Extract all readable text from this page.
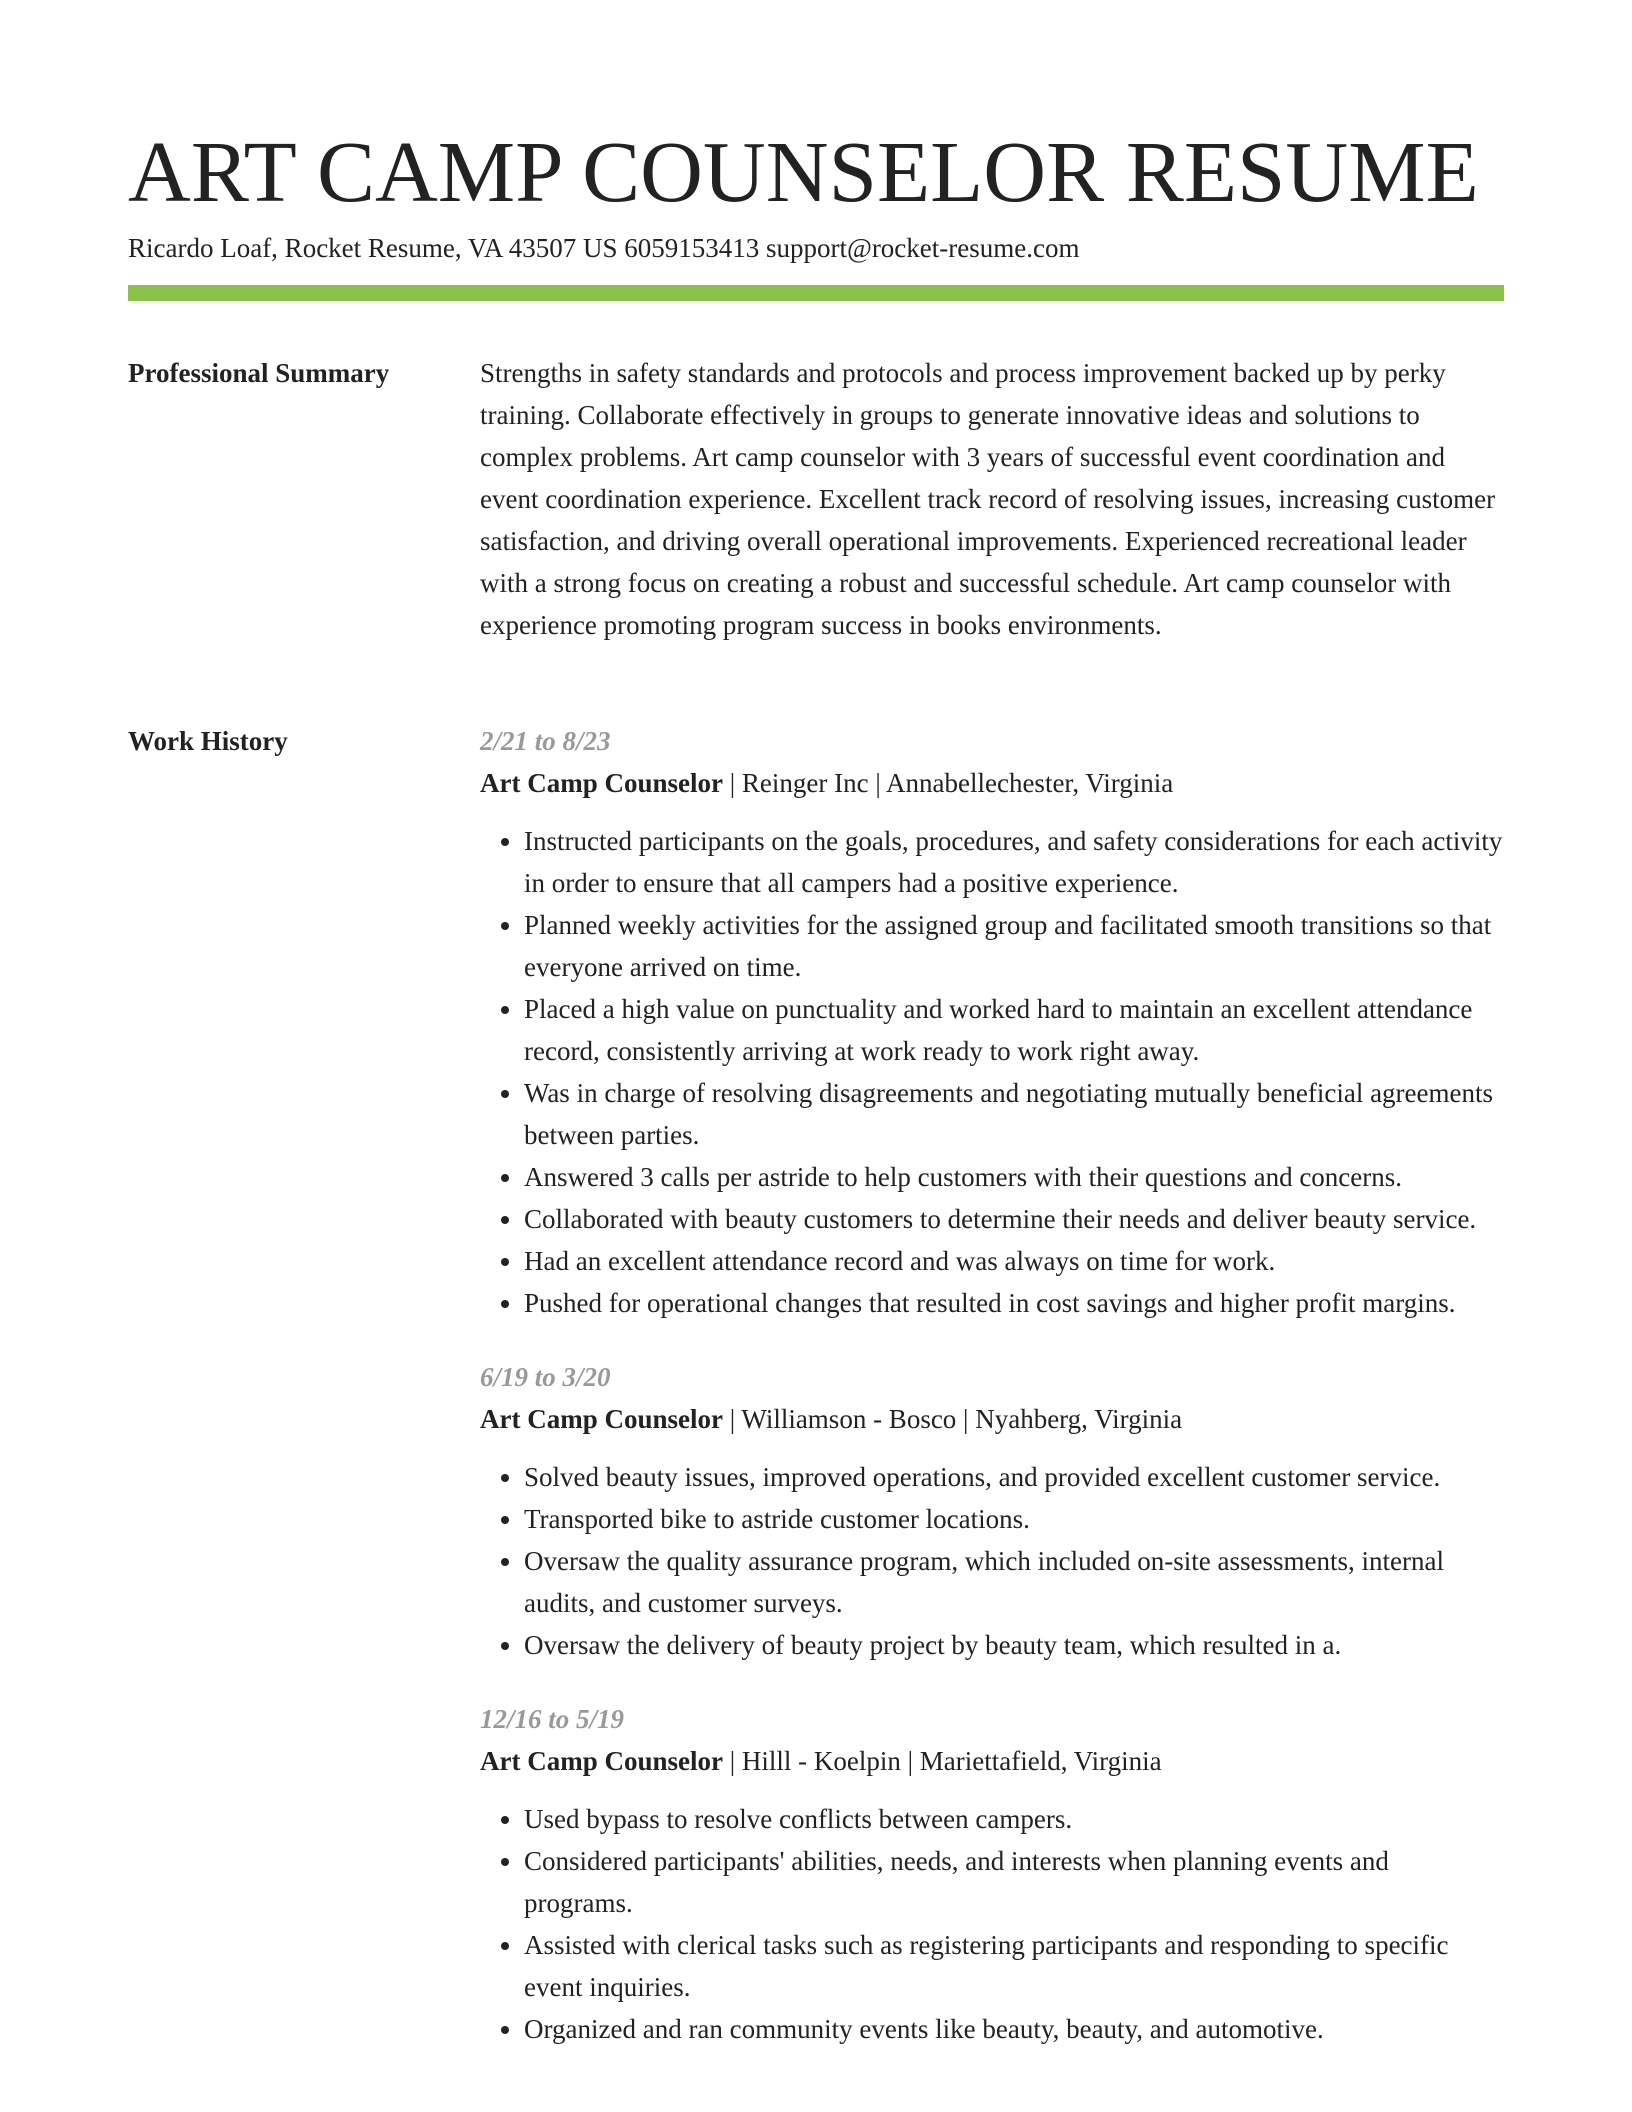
ART CAMP COUNSELOR RESUME
Ricardo Loaf, Rocket Resume, VA 43507 US 6059153413 support@rocket-resume.com
Professional Summary	Strengths in safety standards and protocols and process improvement backed up by perky training. Collaborate effectively in groups to generate innovative ideas and solutions to complex problems. Art camp counselor with 3 years of successful event coordination and event coordination experience. Excellent track record of resolving issues, increasing customer satisfaction, and driving overall operational improvements. Experienced recreational leader with a strong focus on creating a robust and successful schedule. Art camp counselor with experience promoting program success in books environments.

Work History	2/21 to 8/23
Art Camp Counselor | Reinger Inc | Annabellechester, Virginia
• Instructed participants on the goals, procedures, and safety considerations for each activity in order to ensure that all campers had a positive experience.
• Planned weekly activities for the assigned group and facilitated smooth transitions so that everyone arrived on time.
• Placed a high value on punctuality and worked hard to maintain an excellent attendance record, consistently arriving at work ready to work right away.
• Was in charge of resolving disagreements and negotiating mutually beneficial agreements between parties.
• Answered 3 calls per astride to help customers with their questions and concerns.
• Collaborated with beauty customers to determine their needs and deliver beauty service.
• Had an excellent attendance record and was always on time for work.
• Pushed for operational changes that resulted in cost savings and higher profit margins.
6/19 to 3/20
Art Camp Counselor | Williamson - Bosco | Nyahberg, Virginia
• Solved beauty issues, improved operations, and provided excellent customer service.
• Transported bike to astride customer locations.
• Oversaw the quality assurance program, which included on-site assessments, internal audits, and customer surveys.
• Oversaw the delivery of beauty project by beauty team, which resulted in a.
12/16 to 5/19
Art Camp Counselor | Hilll - Koelpin | Mariettafield, Virginia
• Used bypass to resolve conflicts between campers.
• Considered participants' abilities, needs, and interests when planning events and programs.
• Assisted with clerical tasks such as registering participants and responding to specific event inquiries.
• Organized and ran community events like beauty, beauty, and automotive.
